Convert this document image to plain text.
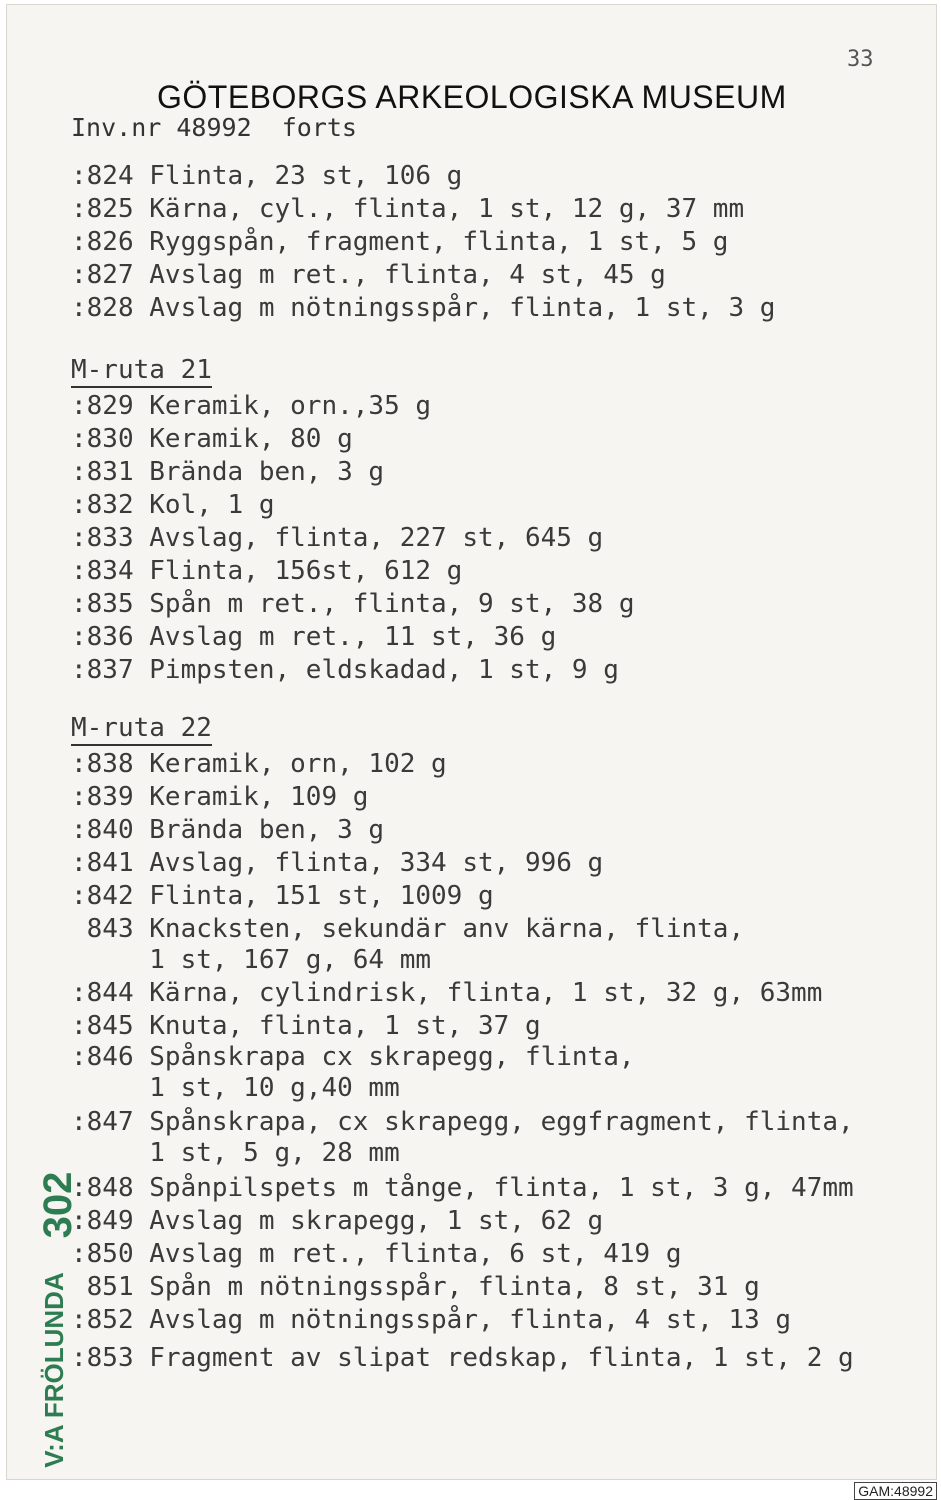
33
GÖTEBORGS ARKEOLOGISKA MUSEUM
Inv.nr 48992  forts
:824 Flinta, 23 st, 106 g
:825 Kärna, cyl., flinta, 1 st, 12 g, 37 mm
:826 Ryggspån, fragment, flinta, 1 st, 5 g
:827 Avslag m ret., flinta, 4 st, 45 g
:828 Avslag m nötningsspår, flinta, 1 st, 3 g
M-ruta 21
:829 Keramik, orn.,35 g
:830 Keramik, 80 g
:831 Brända ben, 3 g
:832 Kol, 1 g
:833 Avslag, flinta, 227 st, 645 g
:834 Flinta, 156st, 612 g
:835 Spån m ret., flinta, 9 st, 38 g
:836 Avslag m ret., 11 st, 36 g
:837 Pimpsten, eldskadad, 1 st, 9 g
M-ruta 22
:838 Keramik, orn, 102 g
:839 Keramik, 109 g
:840 Brända ben, 3 g
:841 Avslag, flinta, 334 st, 996 g
:842 Flinta, 151 st, 1009 g
843 Knacksten, sekundär anv kärna, flinta,
1 st, 167 g, 64 mm
:844 Kärna, cylindrisk, flinta, 1 st, 32 g, 63mm
:845 Knuta, flinta, 1 st, 37 g
:846 Spånskrapa cx skrapegg, flinta,
1 st, 10 g,40 mm
:847 Spånskrapa, cx skrapegg, eggfragment, flinta,
1 st, 5 g, 28 mm
:848 Spånpilspets m tånge, flinta, 1 st, 3 g, 47mm
:849 Avslag m skrapegg, 1 st, 62 g
:850 Avslag m ret., flinta, 6 st, 419 g
851 Spån m nötningsspår, flinta, 8 st, 31 g
:852 Avslag m nötningsspår, flinta, 4 st, 13 g
:853 Fragment av slipat redskap, flinta, 1 st, 2 g
302
V:A FRÖLUNDA
GAM:48992
